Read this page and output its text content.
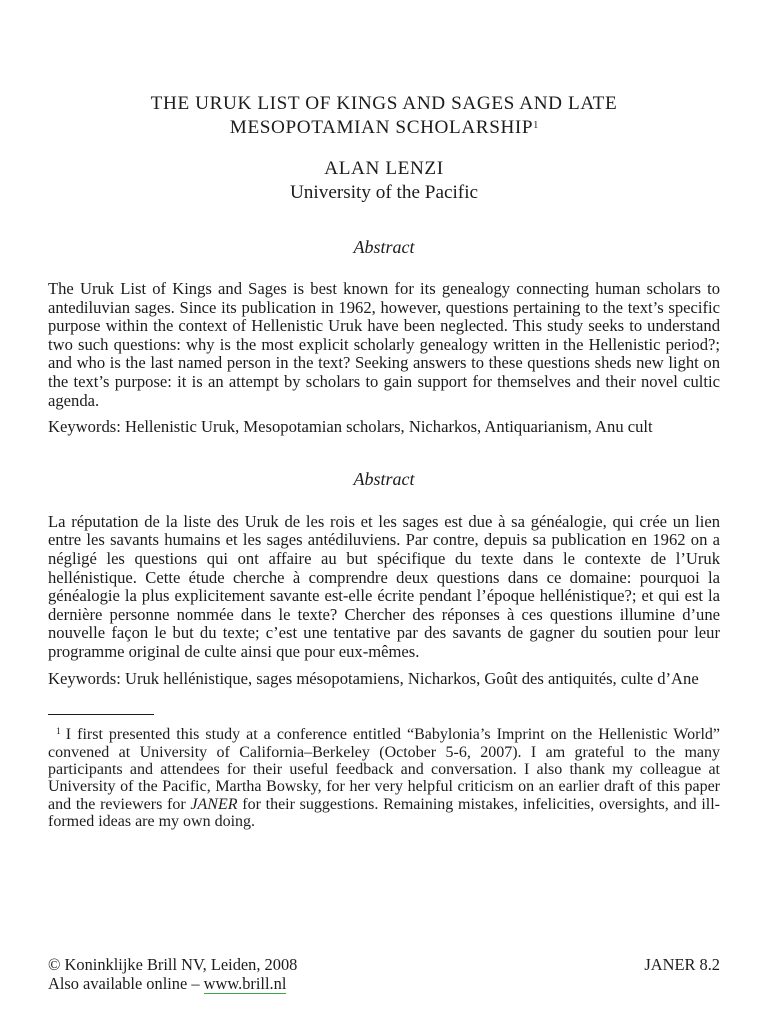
THE URUK LIST OF KINGS AND SAGES AND LATE
MESOPOTAMIAN SCHOLARSHIP$^1$
ALAN LENZI
University of the Pacific
Abstract

The Uruk List of Kings and Sages is best known for its genealogy connecting human scholars to antediluvian sages. Since its publication in 1962, however, questions pertaining to the text’s specific purpose within the context of Hellenistic Uruk have been neglected. This study seeks to understand two such questions: why is the most explicit scholarly genealogy written in the Hellenistic period?; and who is the last named person in the text? Seeking answers to these questions sheds new light on the text’s purpose: it is an attempt by scholars to gain support for themselves and their novel cultic agenda.

Keywords: Hellenistic Uruk, Mesopotamian scholars, Nicharkos, Antiquarianism, Anu cult
Abstract

La réputation de la liste des Uruk de les rois et les sages est due à sa généalogie, qui crée un lien entre les savants humains et les sages antédiluviens. Par contre, depuis sa publication en 1962 on a négligé les questions qui ont affaire au but spécifique du texte dans le contexte de l’Uruk hellénistique. Cette étude cherche à comprendre deux questions dans ce domaine: pourquoi la généalogie la plus explicitement savante est-elle écrite pendant l’époque hellénistique?; et qui est la dernière personne nommée dans le texte? Chercher des réponses à ces questions illumine d’une nouvelle façon le but du texte; c’est une tentative par des savants de gagner du soutien pour leur programme original de culte ainsi que pour eux-mêmes.

Keywords: Uruk hellénistique, sages mésopotamiens, Nicharkos, Goût des antiquités, culte d’Ane

$^1$ I first presented this study at a conference entitled “Babylonia’s Imprint on the Hellenistic World” convened at University of California–Berkeley (October 5-6, 2007). I am grateful to the many participants and attendees for their useful feedback and conversation. I also thank my colleague at University of the Pacific, Martha Bowsky, for her very helpful criticism on an earlier draft of this paper and the reviewers for JANER for their suggestions. Remaining mistakes, infelicities, oversights, and ill-formed ideas are my own doing.

© Koninklijke Brill NV, Leiden, 2008	JANER 8.2
Also available online – www.brill.nl
